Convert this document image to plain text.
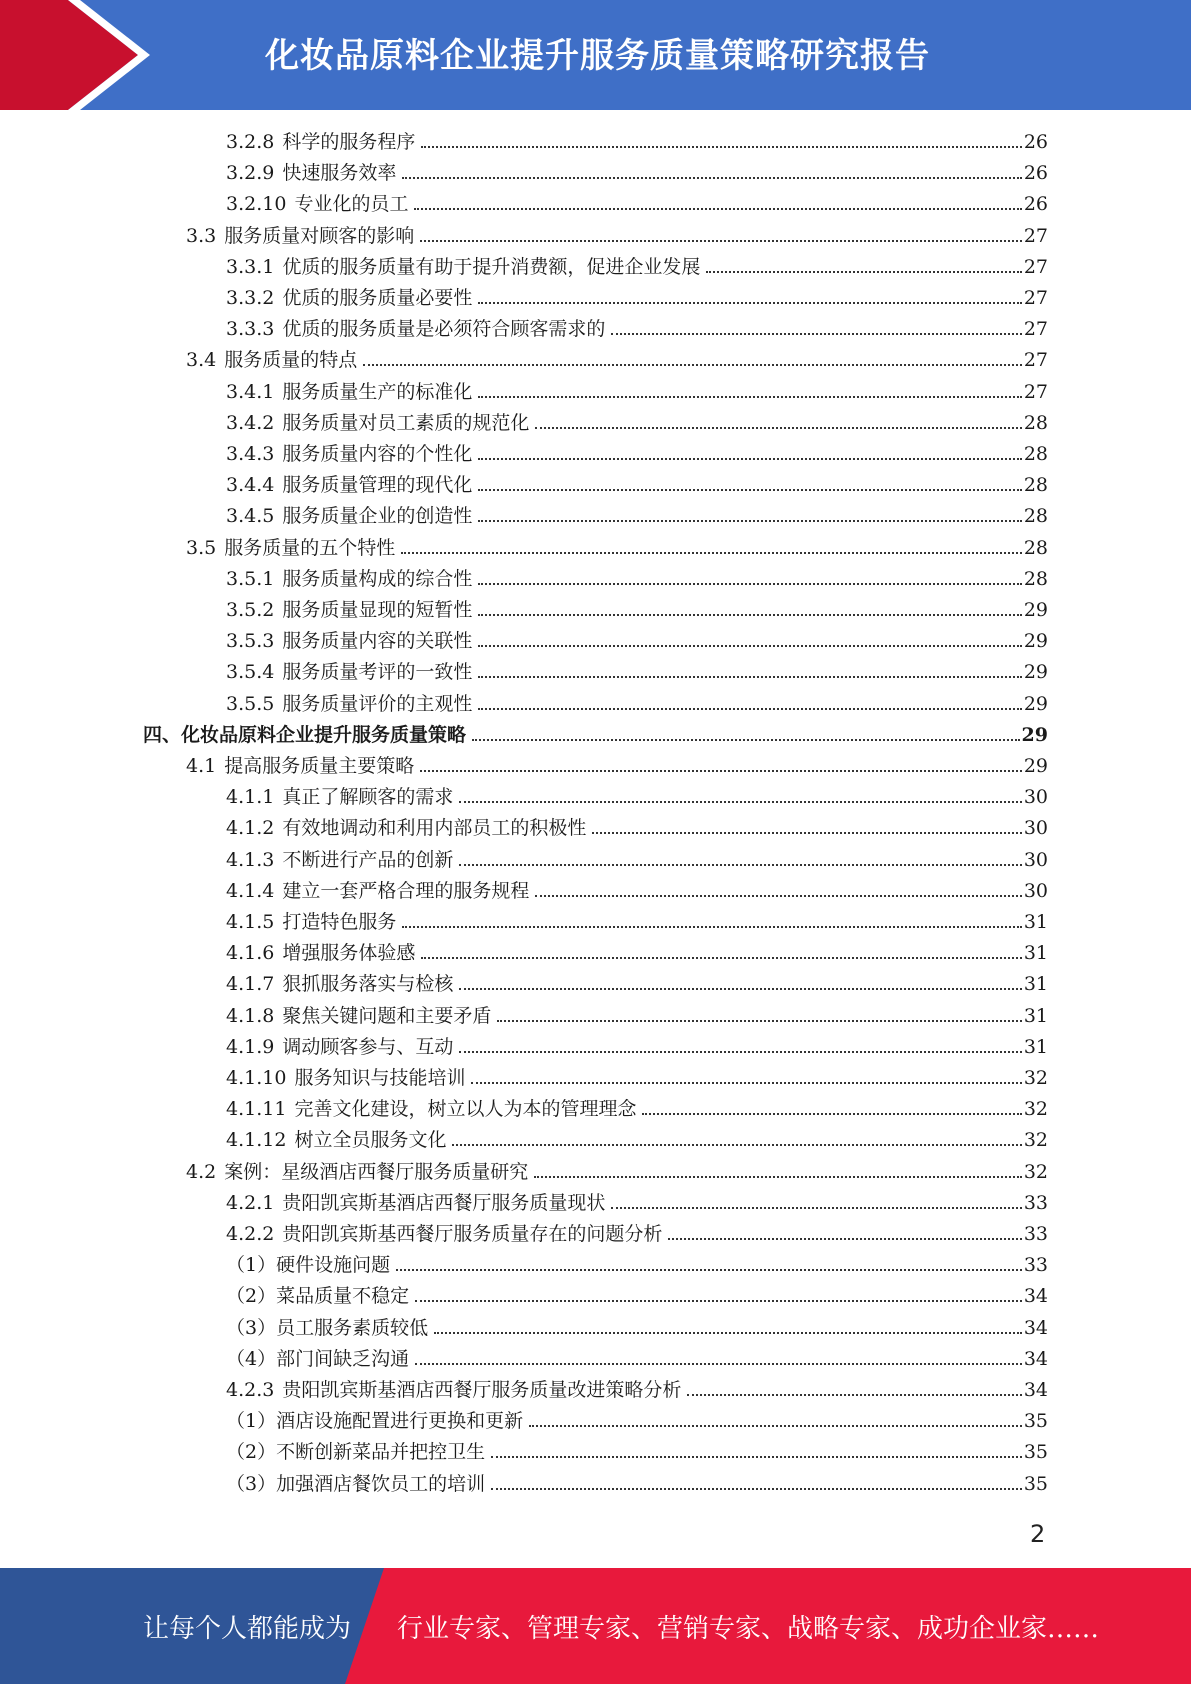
化妆品原料企业提升服务质量策略研究报告
3.2.8 科学的服务程序	26
3.2.9 快速服务效率	26
3.2.10 专业化的员工	26
3.3 服务质量对顾客的影响	27
3.3.1 优质的服务质量有助于提升消费额，促进企业发展	27
3.3.2 优质的服务质量必要性	27
3.3.3 优质的服务质量是必须符合顾客需求的	27
3.4 服务质量的特点	27
3.4.1 服务质量生产的标准化	27
3.4.2 服务质量对员工素质的规范化	28
3.4.3 服务质量内容的个性化	28
3.4.4 服务质量管理的现代化	28
3.4.5 服务质量企业的创造性	28
3.5 服务质量的五个特性	28
3.5.1 服务质量构成的综合性	28
3.5.2 服务质量显现的短暂性	29
3.5.3 服务质量内容的关联性	29
3.5.4 服务质量考评的一致性	29
3.5.5 服务质量评价的主观性	29
四、化妆品原料企业提升服务质量策略	29
4.1 提高服务质量主要策略	29
4.1.1 真正了解顾客的需求	30
4.1.2 有效地调动和利用内部员工的积极性	30
4.1.3 不断进行产品的创新	30
4.1.4 建立一套严格合理的服务规程	30
4.1.5 打造特色服务	31
4.1.6 增强服务体验感	31
4.1.7 狠抓服务落实与检核	31
4.1.8 聚焦关键问题和主要矛盾	31
4.1.9 调动顾客参与、互动	31
4.1.10 服务知识与技能培训	32
4.1.11 完善文化建设，树立以人为本的管理理念	32
4.1.12 树立全员服务文化	32
4.2 案例：星级酒店西餐厅服务质量研究	32
4.2.1 贵阳凯宾斯基酒店西餐厅服务质量现状	33
4.2.2 贵阳凯宾斯基西餐厅服务质量存在的问题分析	33
（1） 硬件设施问题	33
（2） 菜品质量不稳定	34
（3） 员工服务素质较低	34
（4） 部门间缺乏沟通	34
4.2.3 贵阳凯宾斯基酒店西餐厅服务质量改进策略分析	34
（1） 酒店设施配置进行更换和更新	35
（2） 不断创新菜品并把控卫生	35
（3） 加强酒店餐饮员工的培训	35
2
让每个人都能成为 行业专家、管理专家、营销专家、战略专家、成功企业家……
